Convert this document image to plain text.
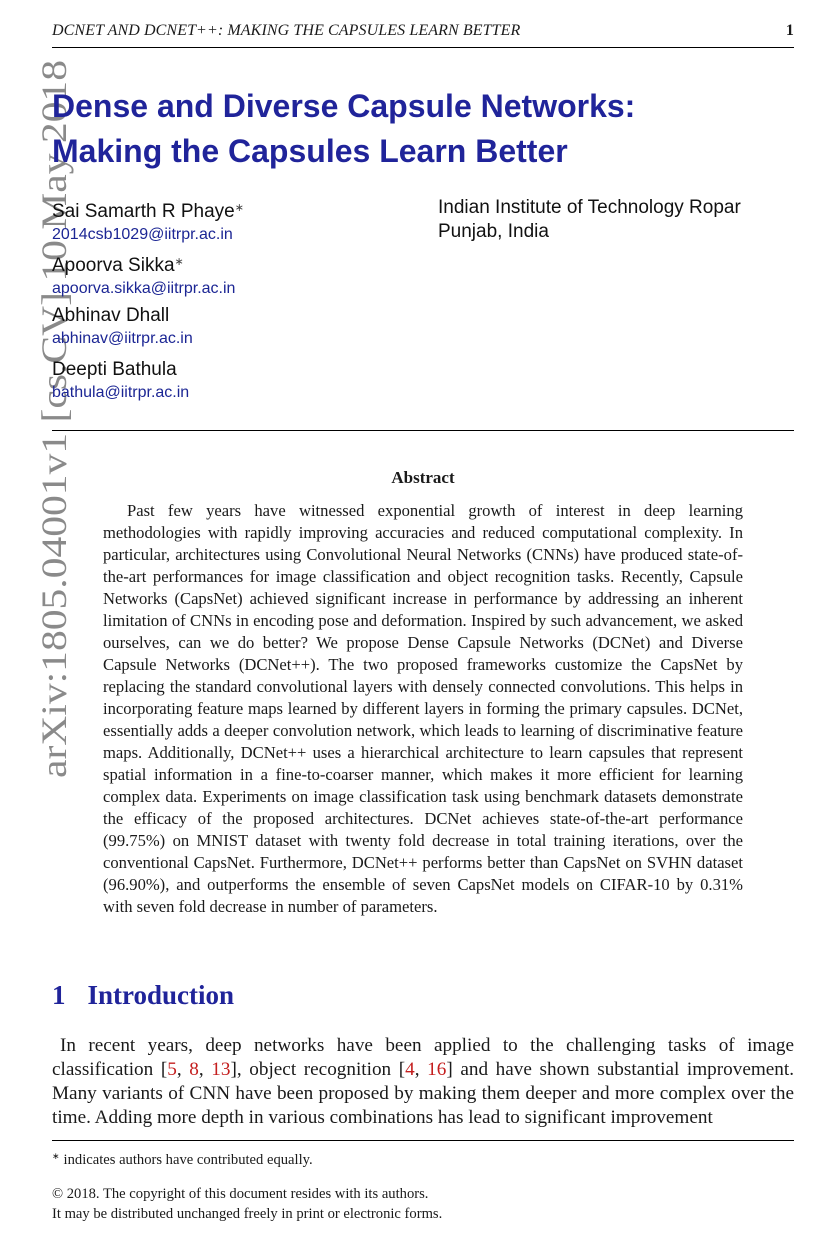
DCNET AND DCNET++: MAKING THE CAPSULES LEARN BETTER	1
arXiv:1805.04001v1 [cs.CV] 10 May 2018
Dense and Diverse Capsule Networks:
Making the Capsules Learn Better
Sai Samarth R Phaye∗
2014csb1029@iitrpr.ac.in
Apoorva Sikka∗
apoorva.sikka@iitrpr.ac.in
Abhinav Dhall
abhinav@iitrpr.ac.in
Deepti Bathula
bathula@iitrpr.ac.in
Indian Institute of Technology Ropar
Punjab, India
Abstract

Past few years have witnessed exponential growth of interest in deep learning methodologies with rapidly improving accuracies and reduced computational complexity. In particular, architectures using Convolutional Neural Networks (CNNs) have produced state-of-the-art performances for image classification and object recognition tasks. Recently, Capsule Networks (CapsNet) achieved significant increase in performance by addressing an inherent limitation of CNNs in encoding pose and deformation. Inspired by such advancement, we asked ourselves, can we do better? We propose Dense Capsule Networks (DCNet) and Diverse Capsule Networks (DCNet++). The two proposed frameworks customize the CapsNet by replacing the standard convolutional layers with densely connected convolutions. This helps in incorporating feature maps learned by different layers in forming the primary capsules. DCNet, essentially adds a deeper convolution network, which leads to learning of discriminative feature maps. Additionally, DCNet++ uses a hierarchical architecture to learn capsules that represent spatial information in a fine-to-coarser manner, which makes it more efficient for learning complex data. Experiments on image classification task using benchmark datasets demonstrate the efficacy of the proposed architectures. DCNet achieves state-of-the-art performance (99.75%) on MNIST dataset with twenty fold decrease in total training iterations, over the conventional CapsNet. Furthermore, DCNet++ performs better than CapsNet on SVHN dataset (96.90%), and outperforms the ensemble of seven CapsNet models on CIFAR-10 by 0.31% with seven fold decrease in number of parameters.

1 Introduction

In recent years, deep networks have been applied to the challenging tasks of image classification [5, 8, 13], object recognition [4, 16] and have shown substantial improvement. Many variants of CNN have been proposed by making them deeper and more complex over the time. Adding more depth in various combinations has lead to significant improvement

∗ indicates authors have contributed equally.
© 2018. The copyright of this document resides with its authors.
It may be distributed unchanged freely in print or electronic forms.
